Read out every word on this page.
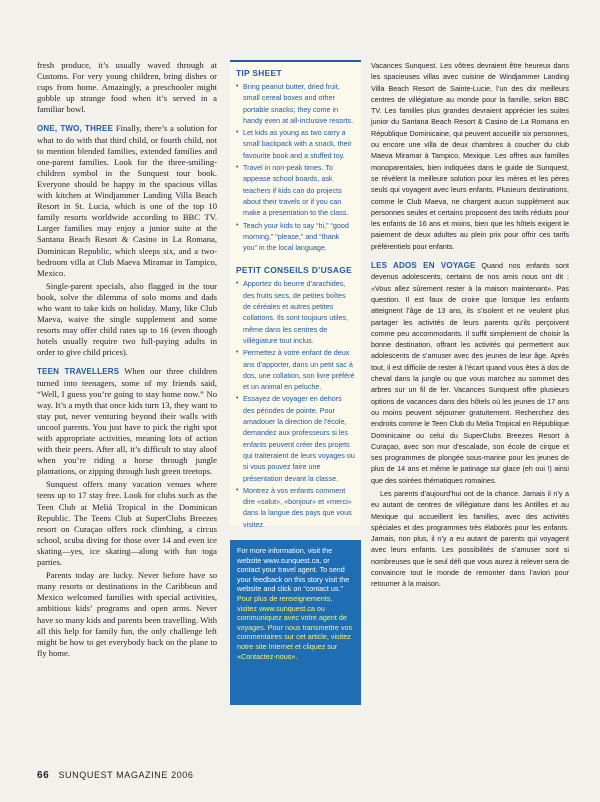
fresh produce, it’s usually waved through at Customs. For very young children, bring dishes or cups from home. Amazingly, a preschooler might gobble up strange food when it’s served in a familiar bowl.

ONE, TWO, THREE Finally, there’s a solution for what to do with that third child, or fourth child, not to mention blended families, extended families and one-parent families. Look for the three-smiling-children symbol in the Sunquest tour book. Everyone should be happy in the spacious villas with kitchen at Windjammer Landing Villa Beach Resort in St. Lucia, which is one of the top 10 family resorts worldwide according to BBC TV. Larger families may enjoy a junior suite at the Santana Beach Resort & Casino in La Romana, Dominican Republic, which sleeps six, and a two-bedroom villa at Club Maeva Miramar in Tampico, Mexico.

Single-parent specials, also flagged in the tour book, solve the dilemma of solo moms and dads who want to take kids on holiday. Many, like Club Maeva, waive the single supplement and some resorts may offer child rates up to 16 (even though hotels usually require two full-paying adults in order to give child prices).

TEEN TRAVELLERS When our three children turned into teenagers, some of my friends said, “Well, I guess you’re going to stay home now.” No way. It’s a myth that once kids turn 13, they want to stay put, never venturing beyond their walls with uncool parents. You just have to pick the right spot with appropriate activities, meaning lots of action with their peers. After all, it’s difficult to stay aloof when you’re riding a horse through jungle plantations, or zipping through lush green treetops.

Sunquest offers many vacation venues where teens up to 17 stay free. Look for clubs such as the Teen Club at Meliá Tropical in the Dominican Republic. The Teens Club at SuperClubs Breezes resort on Curaçao offers rock climbing, a circus school, scuba diving for those over 14 and even ice skating—yes, ice skating—along with fun toga parties.

Parents today are lucky. Never before have so many resorts or destinations in the Caribbean and Mexico welcomed families with special activities, ambitious kids’ programs and open arms. Never have so many kids and parents been travelling. With all this help for family fun, the only challenge left might be how to get everybody back on the plane to fly home.

TIP SHEET
• Bring peanut butter, dried fruit, small cereal boxes and other portable snacks; they come in handy even at all-inclusive resorts.
• Let kids as young as two carry a small backpack with a snack, their favourite book and a stuffed toy.
• Travel in non-peak times. To appease school boards, ask teachers if kids can do projects about their travels or if you can make a presentation to the class.
• Teach your kids to say “hi,” “good morning,” “please,” and “thank you” in the local language.
PETIT CONSEILS D’USAGE
• Apportez du beurre d’arachides, des fruits secs, de petites boîtes de céréales et autres petites collations. Ils sont toujours utiles, même dans les centres de villégiature tout inclus.
• Permettez à votre enfant de deux ans d’apporter, dans un petit sac à dos, une collation, son livre préféré et un animal en peluche.
• Essayez de voyager en dehors des périodes de pointe. Pour amadouer la direction de l’école, demandez aux professeurs si les enfants peuvent créer des projets qui traiteraient de leurs voyages ou si vous pouvez faire une présentation devant la classe.
• Montrez à vos enfants comment dire «salut», «bonjour» et «merci» dans la langue des pays que vous visitez.

For more information, visit the website www.sunquest.ca, or contact your travel agent. To send your feedback on this story visit the website and click on “contact us.”

Pour plus de renseignements, visitez www.sunquest.ca ou communiquez avec votre agent de voyages. Pour nous transmettre vos commentaires sur cet article, visitez notre site Internet et cliquez sur «Contactez-nous».

Vacances Sunquest. Les vôtres devraient être heureux dans les spacieuses villas avec cuisine de Windjammer Landing Villa Beach Resort de Sainte-Lucie, l’un des dix meilleurs centres de villégiature au monde pour la famille, selon BBC TV. Les familles plus grandes devraient apprécier les suites junior du Santana Beach Resort & Casino de La Romana en République Dominicaine, qui peuvent accueillir six personnes, ou encore une villa de deux chambres à coucher du club Maeva Miramar à Tampico, Mexique. Les offres aux familles monoparentales, bien indiquées dans le guide de Sunquest, se révèlent la meilleure solution pour les mères et les pères seuls qui voyagent avec leurs enfants. Plusieurs destinations, comme le Club Maeva, ne chargent aucun supplément aux personnes seules et certains proposent des tarifs réduits pour les enfants de 16 ans et moins, bien que les hôtels exigent le paiement de deux adultes au plein prix pour offrir ces tarifs préférentiels pour enfants.

LES ADOS EN VOYAGE Quand nos enfants sont devenus adolescents, certains de nos amis nous ont dit : «Vous allez sûrement rester à la maison maintenant». Pas question. Il est faux de croire que lorsque les enfants atteignent l’âge de 13 ans, ils s’isolent et ne veulent plus partager les activités de leurs parents qu’ils perçoivent comme peu accommodants. Il suffit simplement de choisir la bonne destination, offrant les activités qui permettent aux adolescents de s’amuser avec des jeunes de leur âge. Après tout, il est difficile de rester à l’écart quand vous êtes à dos de cheval dans la jungle ou que vous marchez au sommet des arbres sur un fil de fer. Vacances Sunquest offre plusieurs options de vacances dans des hôtels où les jeunes de 17 ans ou moins peuvent séjourner gratuitement. Recherchez des endroits comme le Teen Club du Melia Tropical en République Dominicaine ou celui du SuperClubs Breezes Resort à Curaçao, avec son mur d’escalade, son école de cirque et ses programmes de plongée sous-marine pour les jeunes de plus de 14 ans et même le patinage sur glace (eh oui !) ainsi que des soirées thématiques romaines.

Les parents d’aujourd’hui ont de la chance. Jamais il n’y a eu autant de centres de villégiature dans les Antilles et au Mexique qui accueillent les familles, avec des activités spéciales et des programmes très élaborés pour les enfants. Jamais, non plus, il n’y a eu autant de parents qui voyagent avec leurs enfants. Les possibilités de s’amuser sont si nombreuses que le seul défi que vous aurez à relever sera de convaincre tout le monde de remonter dans l’avion pour retourner à la maison.

66 SUNQUEST MAGAZINE 2006
